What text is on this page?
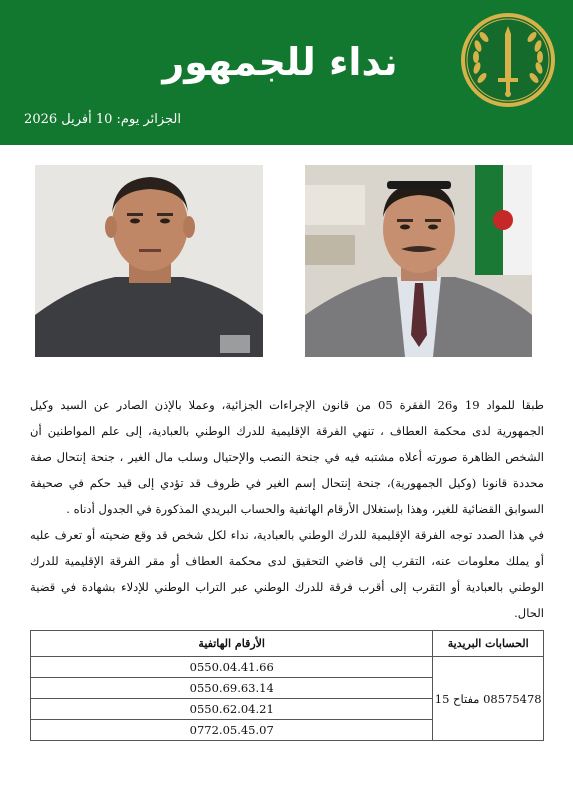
نداء للجمهور
الجزائر يوم: 10 أفريل 2026

طبقا للمواد 19 و26 الفقرة 05 من قانون الإجراءات الجزائية، وعملا بالإذن الصادر عن السيد وكيل الجمهورية لدى محكمة العطاف ، تنهي الفرقة الإقليمية للدرك الوطني بالعبادية، إلى علم المواطنين أن الشخص الظاهرة صورته أعلاه مشتبه فيه في جنحة النصب والإحتيال وسلب مال الغير ، جنحة إنتحال صفة محددة قانونا (وكيل الجمهورية)، جنحة إنتحال إسم الغير في ظروف قد تؤدي إلى قيد حكم في صحيفة السوابق القضائية للغير، وهذا بإستغلال الأرقام الهاتفية والحساب البريدي المذكورة في الجدول أدناه .

في هذا الصدد توجه الفرقة الإقليمية للدرك الوطني بالعبادية، نداء لكل شخص قد وقع ضحيته أو تعرف عليه أو يملك معلومات عنه، التقرب إلى قاضي التحقيق لدى محكمة العطاف أو مقر الفرقة الإقليمية للدرك الوطني بالعبادية أو التقرب إلى أقرب فرقة للدرك الوطني عبر التراب الوطني للإدلاء بشهادة في قضية الحال.

الحسابات البريدية	الأرقام الهاتفية
08575478 مفتاح 15	0550.04.41.66
	0550.69.63.14
	0550.62.04.21
	0772.05.45.07
